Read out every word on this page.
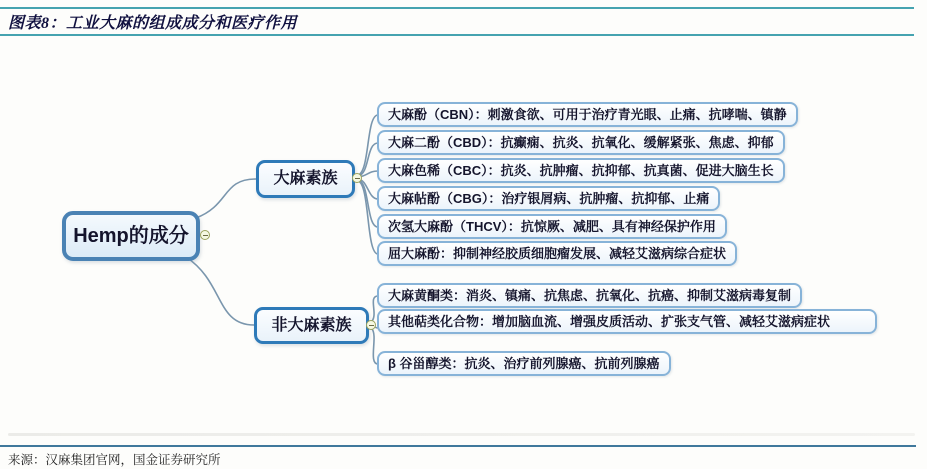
图表8：工业大麻的组成成分和医疗作用
Hemp的成分
大麻素族
非大麻素族
大麻酚（CBN）：刺激食欲、可用于治疗青光眼、止痛、抗哮喘、镇静
大麻二酚（CBD）：抗癫痫、抗炎、抗氧化、缓解紧张、焦虑、抑郁
大麻色稀（CBC）：抗炎、抗肿瘤、抗抑郁、抗真菌、促进大脑生长
大麻帖酚（CBG）：治疗银屑病、抗肿瘤、抗抑郁、止痛
次氢大麻酚（THCV）：抗惊厥、减肥、具有神经保护作用
屈大麻酚：抑制神经胶质细胞瘤发展、减轻艾滋病综合症状
大麻黄酮类：消炎、镇痛、抗焦虑、抗氧化、抗癌、抑制艾滋病毒复制
其他萜类化合物：增加脑血流、增强皮质活动、扩张支气管、减轻艾滋病症状
β 谷甾醇类：抗炎、治疗前列腺癌、抗前列腺癌
来源：汉麻集团官网，国金证券研究所
